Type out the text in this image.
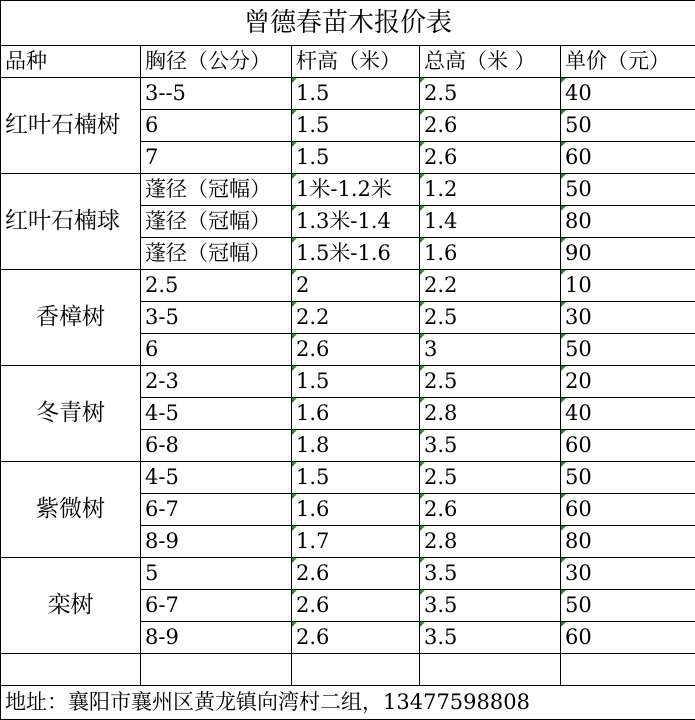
曾德春苗木报价表				
品种	胸径（公分）	杆高（米）	总高（米 ）	单价（元）
红叶石楠树	3--5	1.5	2.5	40
	6	1.5	2.6	50
	7	1.5	2.6	60
红叶石楠球	蓬径（冠幅）	1米-1.2米	1.2	50
	蓬径（冠幅）	1.3米-1.4	1.4	80
	蓬径（冠幅）	1.5米-1.6	1.6	90
香樟树	2.5	2	2.2	10
	3-5	2.2	2.5	30
	6	2.6	3	50
冬青树	2-3	1.5	2.5	20
	4-5	1.6	2.8	40
	6-8	1.8	3.5	60
紫微树	4-5	1.5	2.5	50
	6-7	1.6	2.6	60
	8-9	1.7	2.8	80
栾树	5	2.6	3.5	30
	6-7	2.6	3.5	50
	8-9	2.6	3.5	60

地址：襄阳市襄州区黄龙镇向湾村二组，13477598808				
